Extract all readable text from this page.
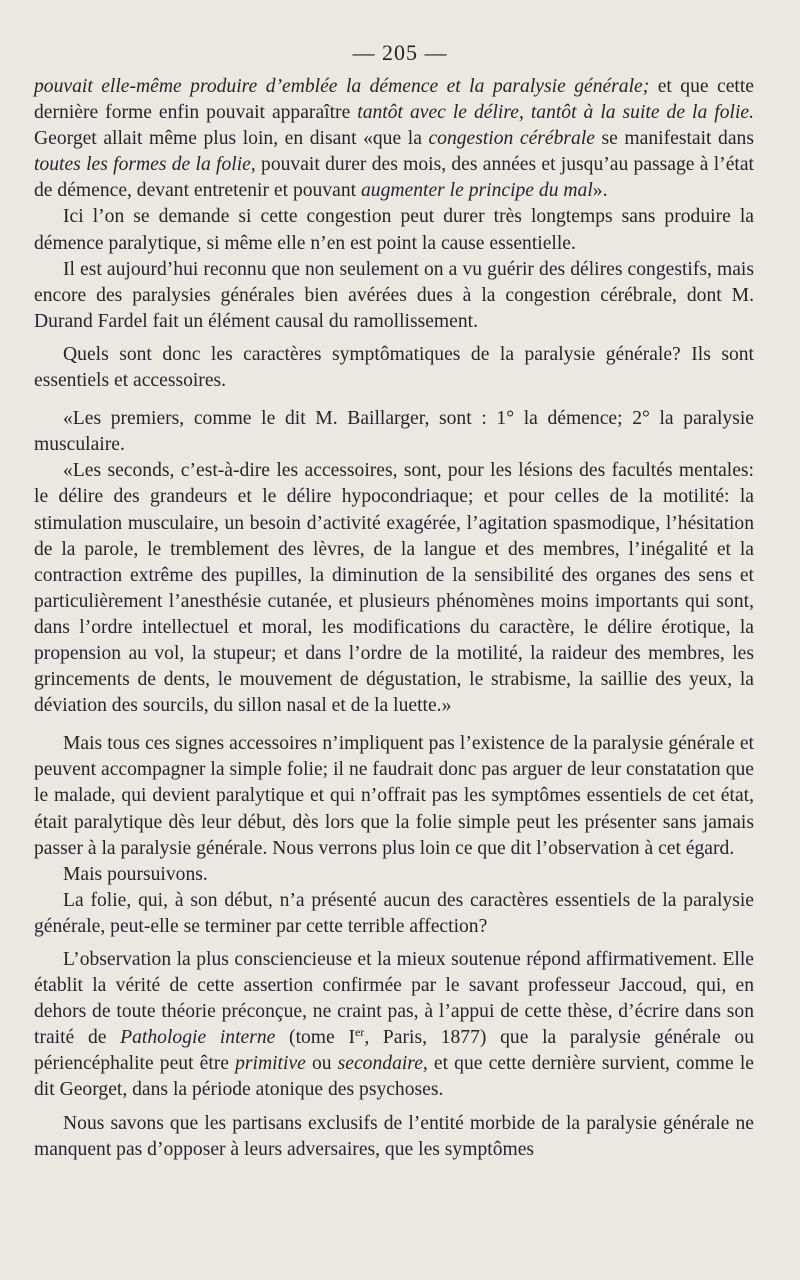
— 205 —

pouvait elle-même produire d’emblée la démence et la paralysie générale; et que cette dernière forme enfin pouvait apparaître tantôt avec le délire, tantôt à la suite de la folie. Georget allait même plus loin, en disant «que la congestion cérébrale se manifestait dans toutes les formes de la folie, pouvait durer des mois, des années et jusqu’au passage à l’état de démence, devant entretenir et pouvant augmenter le principe du mal».

Ici l’on se demande si cette congestion peut durer très longtemps sans produire la démence paralytique, si même elle n’en est point la cause essentielle.

Il est aujourd’hui reconnu que non seulement on a vu guérir des délires congestifs, mais encore des paralysies générales bien avérées dues à la congestion cérébrale, dont M. Durand Fardel fait un élément causal du ramollissement.

Quels sont donc les caractères symptômatiques de la paralysie générale? Ils sont essentiels et accessoires.

«Les premiers, comme le dit M. Baillarger, sont : 1° la démence; 2° la paralysie musculaire.

«Les seconds, c’est-à-dire les accessoires, sont, pour les lésions des facultés mentales: le délire des grandeurs et le délire hypocondriaque; et pour celles de la motilité: la stimulation musculaire, un besoin d’activité exagérée, l’agitation spasmodique, l’hésitation de la parole, le tremblement des lèvres, de la langue et des membres, l’inégalité et la contraction extrême des pupilles, la diminution de la sensibilité des organes des sens et particulièrement l’anesthésie cutanée, et plusieurs phénomènes moins importants qui sont, dans l’ordre intellectuel et moral, les modifications du caractère, le délire érotique, la propension au vol, la stupeur; et dans l’ordre de la motilité, la raideur des membres, les grincements de dents, le mouvement de dégustation, le strabisme, la saillie des yeux, la déviation des sourcils, du sillon nasal et de la luette.»

Mais tous ces signes accessoires n’impliquent pas l’existence de la paralysie générale et peuvent accompagner la simple folie; il ne faudrait donc pas arguer de leur constatation que le malade, qui devient paralytique et qui n’offrait pas les symptômes essentiels de cet état, était paralytique dès leur début, dès lors que la folie simple peut les présenter sans jamais passer à la paralysie générale. Nous verrons plus loin ce que dit l’observation à cet égard.

Mais poursuivons.

La folie, qui, à son début, n’a présenté aucun des caractères essentiels de la paralysie générale, peut-elle se terminer par cette terrible affection?

L’observation la plus consciencieuse et la mieux soutenue répond affirmativement. Elle établit la vérité de cette assertion confirmée par le savant professeur Jaccoud, qui, en dehors de toute théorie préconçue, ne craint pas, à l’appui de cette thèse, d’écrire dans son traité de Pathologie interne (tome Ier, Paris, 1877) que la paralysie générale ou périencéphalite peut être primitive ou secondaire, et que cette dernière survient, comme le dit Georget, dans la période atonique des psychoses.

Nous savons que les partisans exclusifs de l’entité morbide de la paralysie générale ne manquent pas d’opposer à leurs adversaires, que les symptômes
